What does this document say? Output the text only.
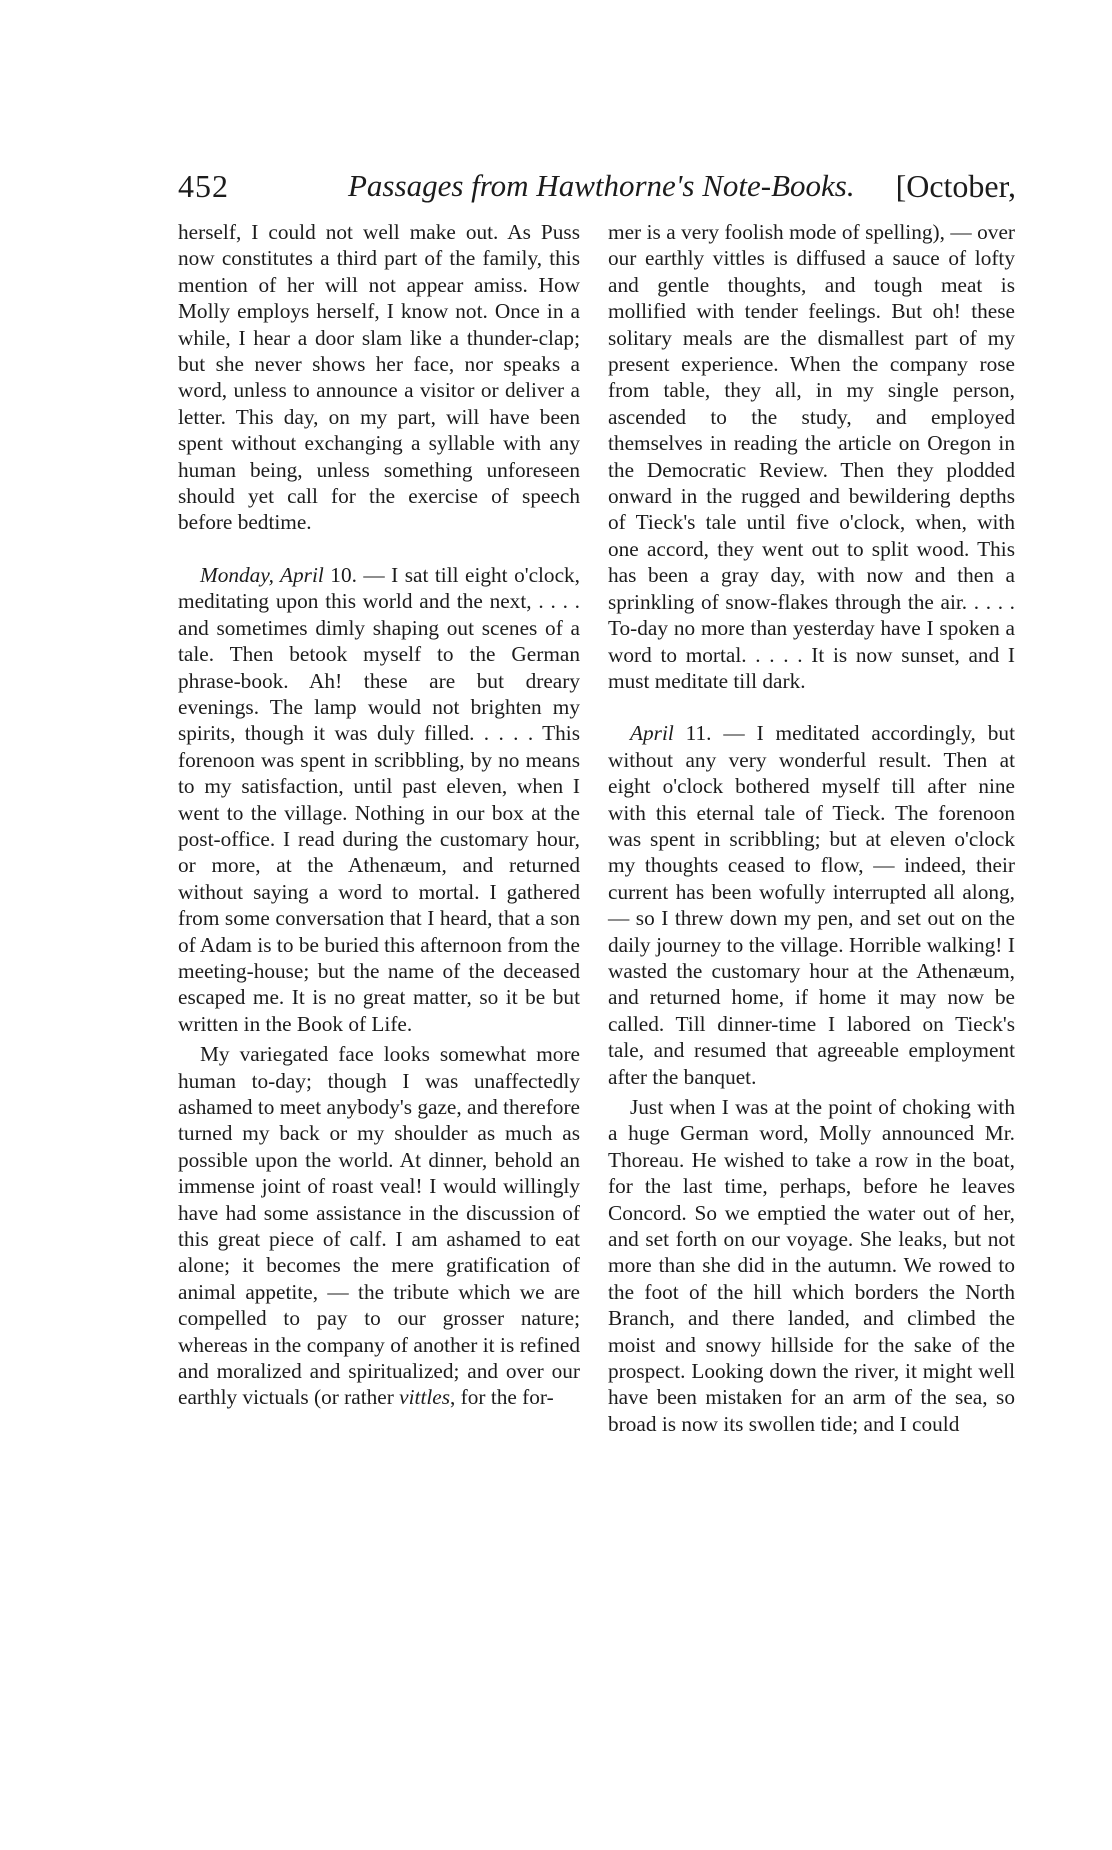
452	Passages from Hawthorne's Note-Books. [October,

herself, I could not well make out. As Puss now constitutes a third part of the family, this mention of her will not appear amiss. How Molly employs herself, I know not. Once in a while, I hear a door slam like a thunder-clap; but she never shows her face, nor speaks a word, unless to announce a visitor or deliver a letter. This day, on my part, will have been spent without exchanging a syllable with any human being, unless something unforeseen should yet call for the exercise of speech before bedtime.

Monday, April 10. — I sat till eight o'clock, meditating upon this world and the next, . . . . and sometimes dimly shaping out scenes of a tale. Then betook myself to the German phrase-book. Ah! these are but dreary evenings. The lamp would not brighten my spirits, though it was duly filled. . . . . This forenoon was spent in scribbling, by no means to my satisfaction, until past eleven, when I went to the village. Nothing in our box at the post-office. I read during the customary hour, or more, at the Athenæum, and returned without saying a word to mortal. I gathered from some conversation that I heard, that a son of Adam is to be buried this afternoon from the meeting-house; but the name of the deceased escaped me. It is no great matter, so it be but written in the Book of Life.

My variegated face looks somewhat more human to-day; though I was unaffectedly ashamed to meet anybody's gaze, and therefore turned my back or my shoulder as much as possible upon the world. At dinner, behold an immense joint of roast veal! I would willingly have had some assistance in the discussion of this great piece of calf. I am ashamed to eat alone; it becomes the mere gratification of animal appetite, — the tribute which we are compelled to pay to our grosser nature; whereas in the company of another it is refined and moralized and spiritualized; and over our earthly victuals (or rather vittles, for the for-

mer is a very foolish mode of spelling), — over our earthly vittles is diffused a sauce of lofty and gentle thoughts, and tough meat is mollified with tender feelings. But oh! these solitary meals are the dismallest part of my present experience. When the company rose from table, they all, in my single person, ascended to the study, and employed themselves in reading the article on Oregon in the Democratic Review. Then they plodded onward in the rugged and bewildering depths of Tieck's tale until five o'clock, when, with one accord, they went out to split wood. This has been a gray day, with now and then a sprinkling of snow-flakes through the air. . . . . To-day no more than yesterday have I spoken a word to mortal. . . . . It is now sunset, and I must meditate till dark.

April 11. — I meditated accordingly, but without any very wonderful result. Then at eight o'clock bothered myself till after nine with this eternal tale of Tieck. The forenoon was spent in scribbling; but at eleven o'clock my thoughts ceased to flow, — indeed, their current has been wofully interrupted all along, — so I threw down my pen, and set out on the daily journey to the village. Horrible walking! I wasted the customary hour at the Athenæum, and returned home, if home it may now be called. Till dinner-time I labored on Tieck's tale, and resumed that agreeable employment after the banquet.

Just when I was at the point of choking with a huge German word, Molly announced Mr. Thoreau. He wished to take a row in the boat, for the last time, perhaps, before he leaves Concord. So we emptied the water out of her, and set forth on our voyage. She leaks, but not more than she did in the autumn. We rowed to the foot of the hill which borders the North Branch, and there landed, and climbed the moist and snowy hillside for the sake of the prospect. Looking down the river, it might well have been mistaken for an arm of the sea, so broad is now its swollen tide; and I could
